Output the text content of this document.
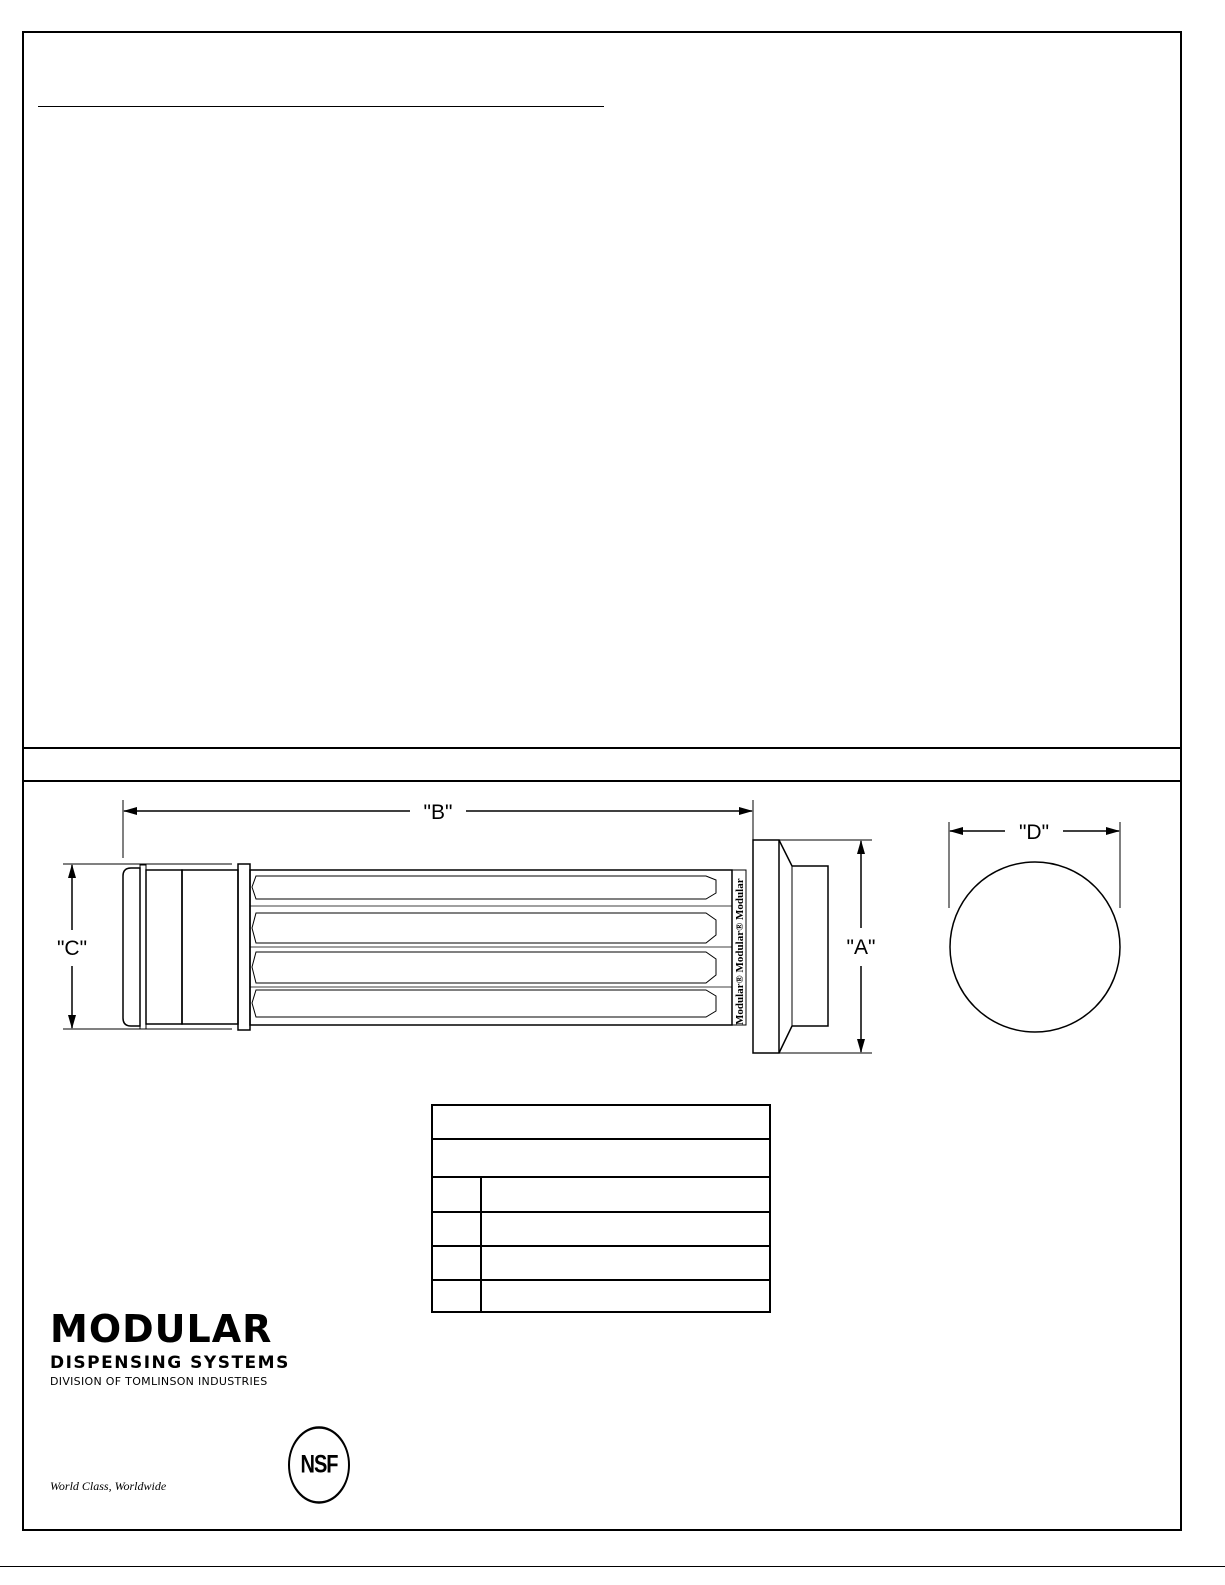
"B"
"C"	"A"
"D"
Modular® Modular® Modular
MODULAR
DISPENSING SYSTEMS
DIVISION OF TOMLINSON INDUSTRIES
World Class, Worldwide
NSF
